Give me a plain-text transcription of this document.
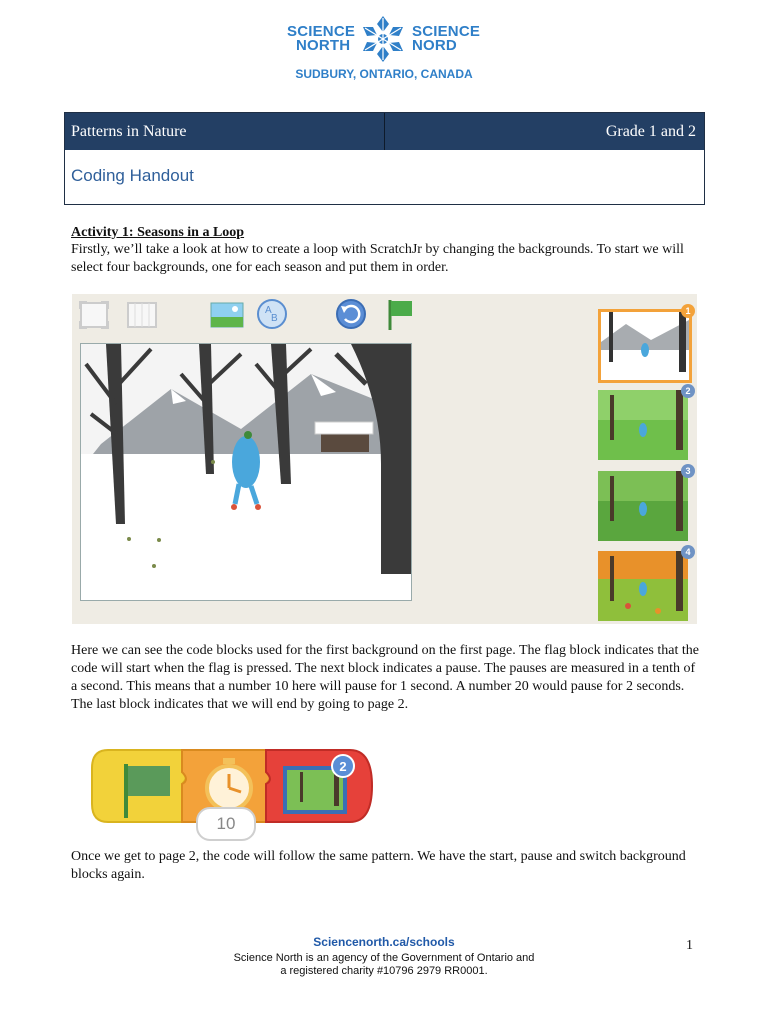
SCIENCE
NORTH
SCIENCE
NORD
SUDBURY, ONTARIO, CANADA
Patterns in Nature	Grade 1 and 2
Coding Handout
Activity 1: Seasons in a Loop
Firstly, we’ll take a look at how to create a loop with ScratchJr by changing the backgrounds. To start we will select four backgrounds, one for each season and put them in order.
A
B
1
2
3
4
Here we can see the code blocks used for the first background on the first page. The flag block indicates that the code will start when the flag is pressed. The next block indicates a pause. The pauses are measured in a tenth of a second. This means that a number 10 here will pause for 1 second. A number 20 would pause for 2 seconds. The last block indicates that we will end by going to page 2.
2
10
Once we get to page 2, the code will follow the same pattern. We have the start, pause and switch background blocks again.
Sciencenorth.ca/schools
Science North is an agency of the Government of Ontario and
a registered charity #10796 2979 RR0001.
1
